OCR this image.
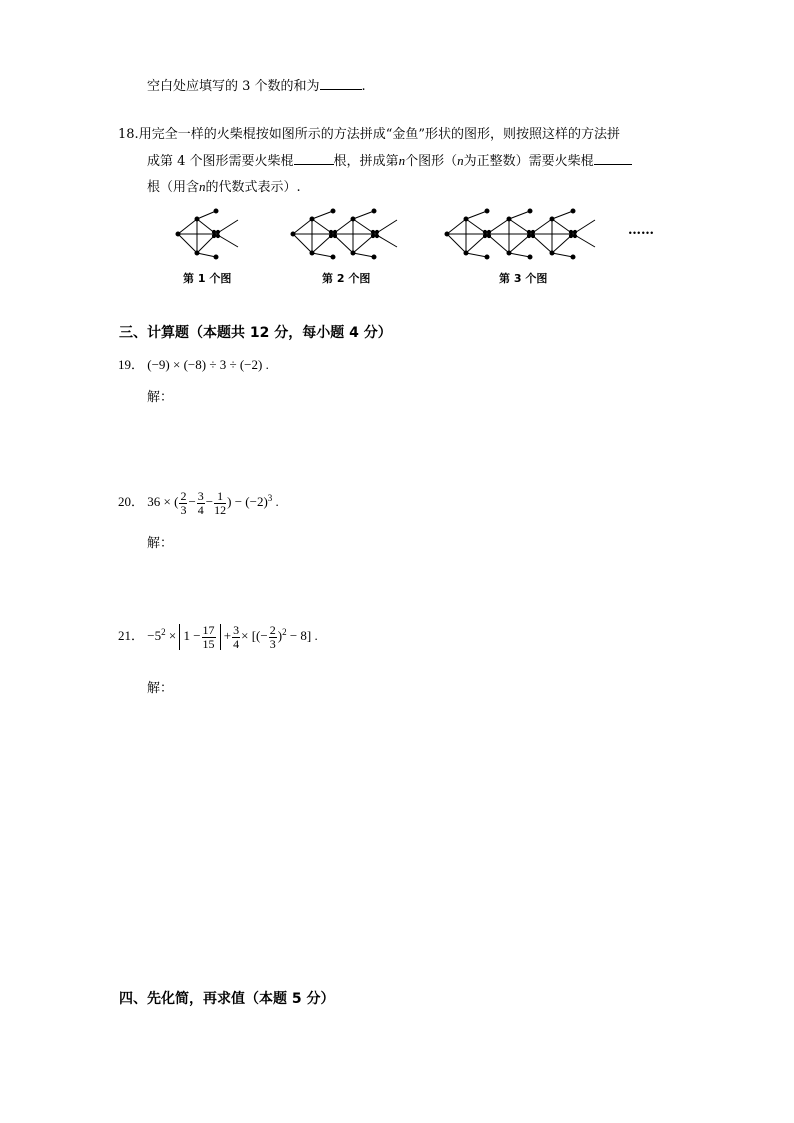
空白处应填写的 3 个数的和为	.
18.用完全一样的火柴棍按如图所示的方法拼成“金鱼”形状的图形，则按照这样的方法拼
成第 4 个图形需要火柴棍	根，拼成第n个图形（n为正整数）需要火柴棍
根（用含n的代数式表示）.
……
第 1 个图	第 2 个图	第 3 个图
三、计算题（本题共 12 分，每小题 4 分）
19． (−9) × (−8) ÷ 3 ÷ (−2) .
解：
20． 36 × ( $\frac{2}{3} - \frac{3}{4} - \frac{1}{12}$ ) − $(-2)^3$ .
解：
21． $-5^2 \times 1 - \frac{17}{15} + \frac{3}{4}$ × [(− $\frac{2}{3} )^2 - 8$] .
解：
四、先化简，再求值（本题 5 分）
